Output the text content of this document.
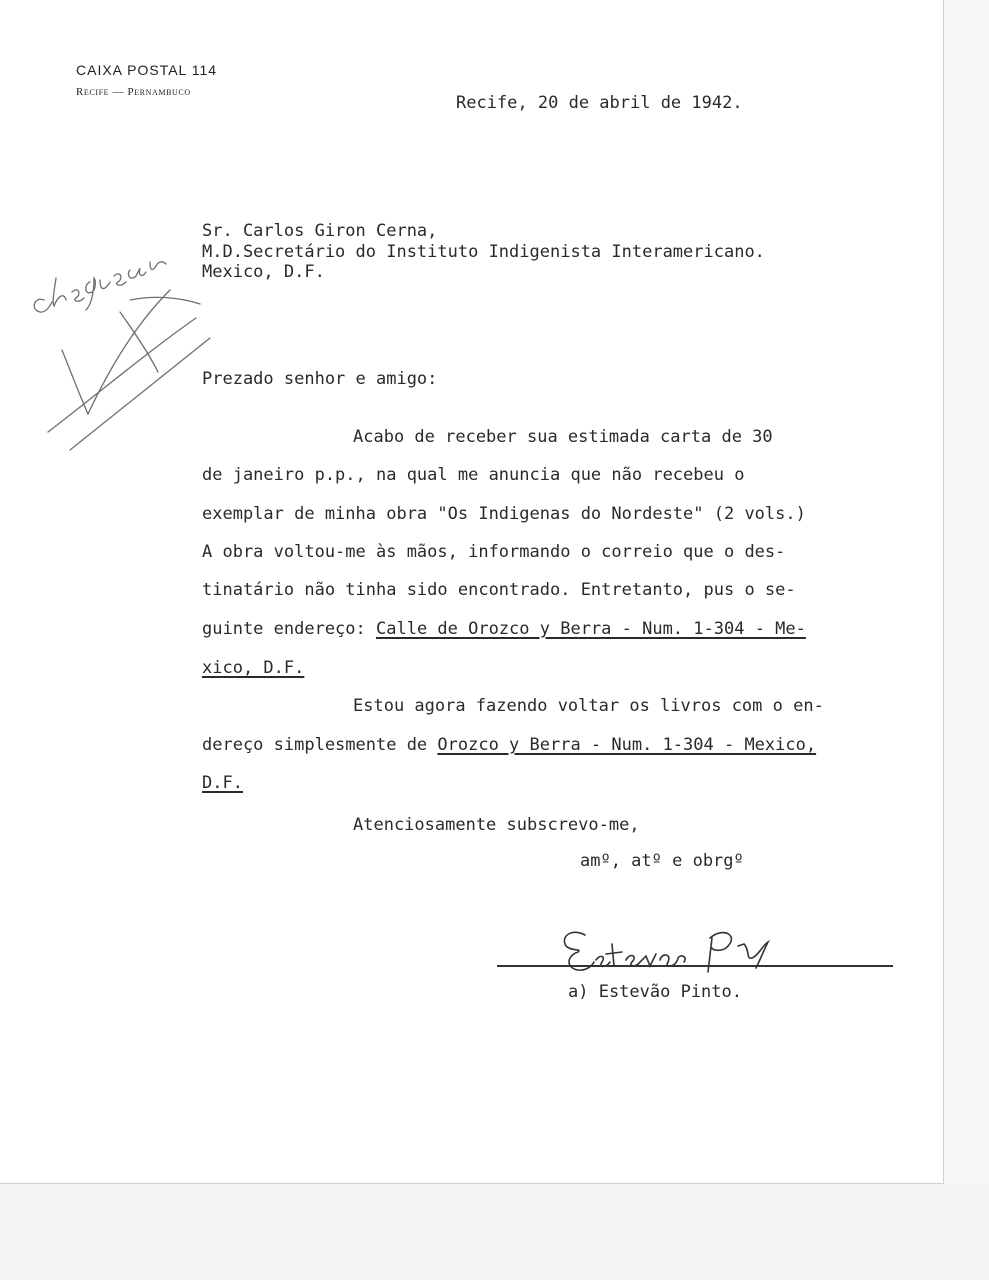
CAIXA POSTAL 114
Recife — Pernambuco
Recife, 20 de abril de 1942.
Sr. Carlos Giron Cerna,
M.D.Secretário do Instituto Indigenista Interamericano.
Mexico, D.F.
Prezado senhor e amigo:
Acabo de receber sua estimada carta de 30
de janeiro p.p., na qual me anuncia que não recebeu o
exemplar de minha obra "Os Indigenas do Nordeste" (2 vols.)
A obra voltou-me às mãos, informando o correio que o des-
tinatário não tinha sido encontrado. Entretanto, pus o se-
guinte endereço: Calle de Orozco y Berra - Num. 1-304 - Me-
xico, D.F.
Estou agora fazendo voltar os livros com o en-
dereço simplesmente de Orozco y Berra - Num. 1-304 - Mexico,
D.F.
Atenciosamente subscrevo-me,
amº, atº e obrgº
a) Estevão Pinto.
